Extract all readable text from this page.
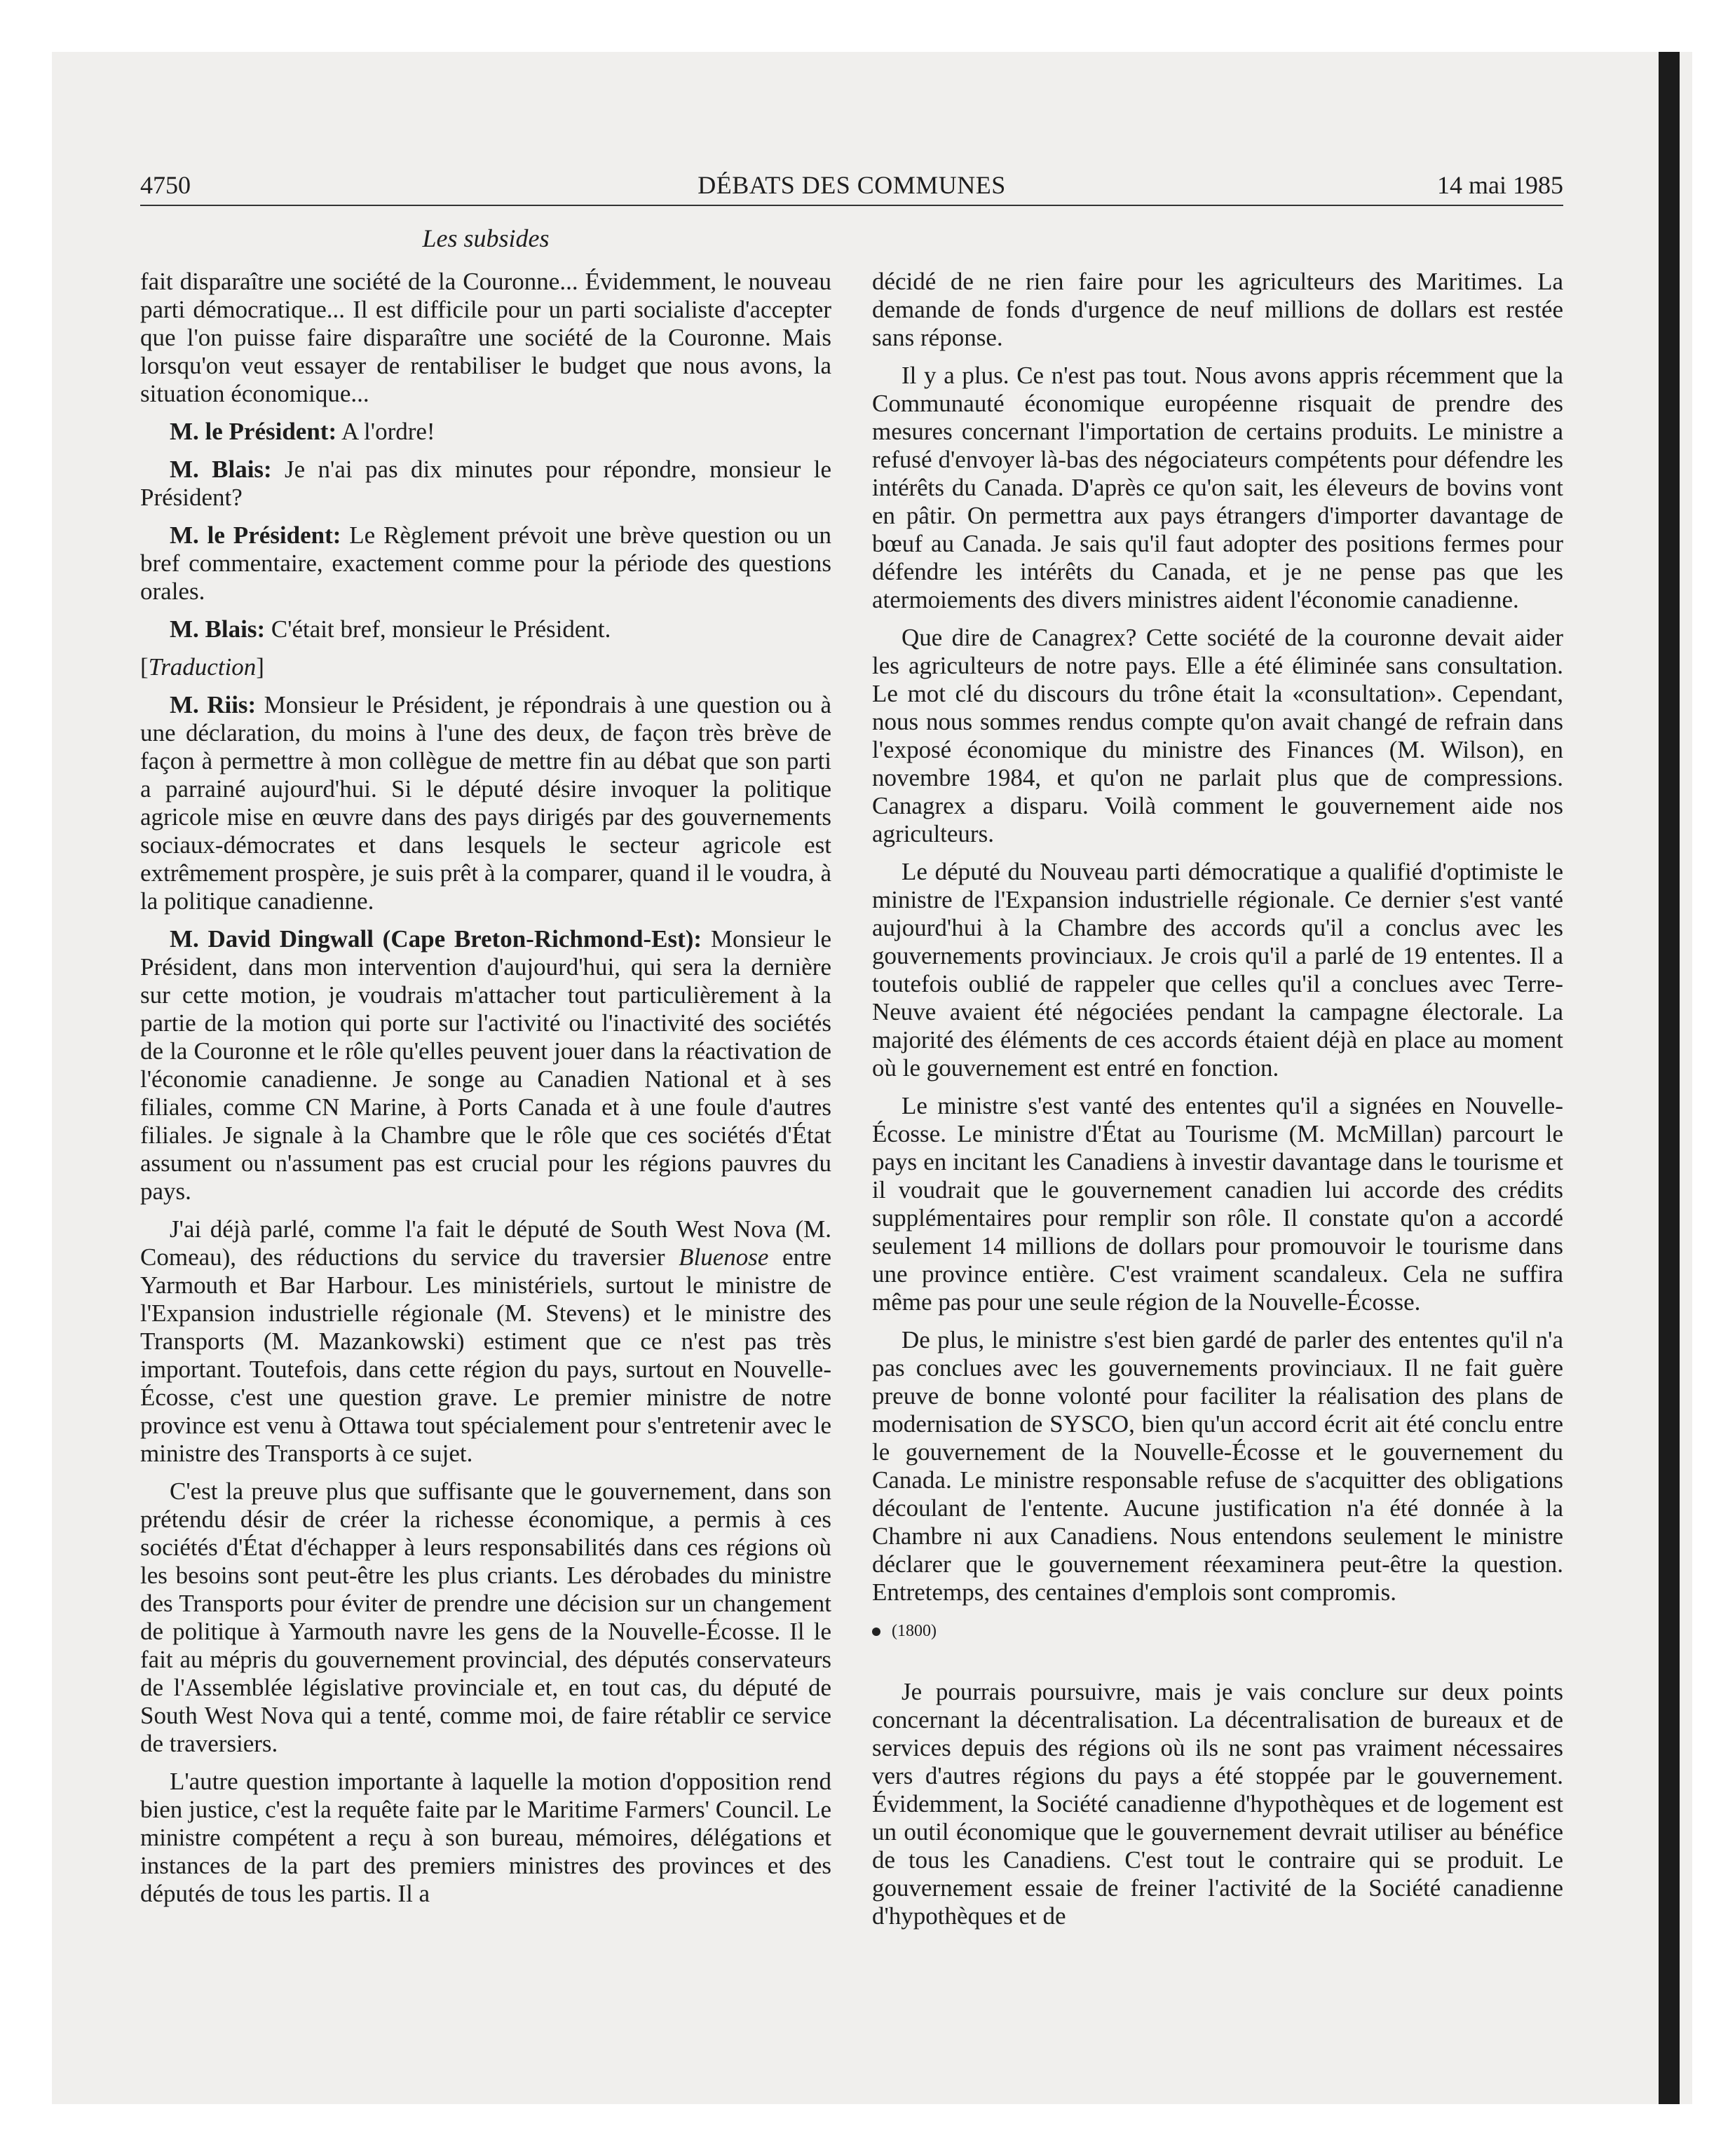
4750	DÉBATS DES COMMUNES	14 mai 1985
Les subsides

fait disparaître une société de la Couronne... Évidemment, le nouveau parti démocratique... Il est difficile pour un parti socialiste d'accepter que l'on puisse faire disparaître une société de la Couronne. Mais lorsqu'on veut essayer de rentabiliser le budget que nous avons, la situation économique...

M. le Président: A l'ordre!

M. Blais: Je n'ai pas dix minutes pour répondre, monsieur le Président?

M. le Président: Le Règlement prévoit une brève question ou un bref commentaire, exactement comme pour la période des questions orales.

M. Blais: C'était bref, monsieur le Président.

[Traduction]

M. Riis: Monsieur le Président, je répondrais à une question ou à une déclaration, du moins à l'une des deux, de façon très brève de façon à permettre à mon collègue de mettre fin au débat que son parti a parrainé aujourd'hui. Si le député désire invoquer la politique agricole mise en œuvre dans des pays dirigés par des gouvernements sociaux-démocrates et dans lesquels le secteur agricole est extrêmement prospère, je suis prêt à la comparer, quand il le voudra, à la politique canadienne.

M. David Dingwall (Cape Breton-Richmond-Est): Monsieur le Président, dans mon intervention d'aujourd'hui, qui sera la dernière sur cette motion, je voudrais m'attacher tout particulièrement à la partie de la motion qui porte sur l'activité ou l'inactivité des sociétés de la Couronne et le rôle qu'elles peuvent jouer dans la réactivation de l'économie canadienne. Je songe au Canadien National et à ses filiales, comme CN Marine, à Ports Canada et à une foule d'autres filiales. Je signale à la Chambre que le rôle que ces sociétés d'État assument ou n'assument pas est crucial pour les régions pauvres du pays.

J'ai déjà parlé, comme l'a fait le député de South West Nova (M. Comeau), des réductions du service du traversier Bluenose entre Yarmouth et Bar Harbour. Les ministériels, surtout le ministre de l'Expansion industrielle régionale (M. Stevens) et le ministre des Transports (M. Mazankowski) estiment que ce n'est pas très important. Toutefois, dans cette région du pays, surtout en Nouvelle-Écosse, c'est une question grave. Le premier ministre de notre province est venu à Ottawa tout spécialement pour s'entretenir avec le ministre des Transports à ce sujet.

C'est la preuve plus que suffisante que le gouvernement, dans son prétendu désir de créer la richesse économique, a permis à ces sociétés d'État d'échapper à leurs responsabilités dans ces régions où les besoins sont peut-être les plus criants. Les dérobades du ministre des Transports pour éviter de prendre une décision sur un changement de politique à Yarmouth navre les gens de la Nouvelle-Écosse. Il le fait au mépris du gouvernement provincial, des députés conservateurs de l'Assemblée législative provinciale et, en tout cas, du député de South West Nova qui a tenté, comme moi, de faire rétablir ce service de traversiers.

L'autre question importante à laquelle la motion d'opposition rend bien justice, c'est la requête faite par le Maritime Farmers' Council. Le ministre compétent a reçu à son bureau, mémoires, délégations et instances de la part des premiers ministres des provinces et des députés de tous les partis. Il a

décidé de ne rien faire pour les agriculteurs des Maritimes. La demande de fonds d'urgence de neuf millions de dollars est restée sans réponse.

Il y a plus. Ce n'est pas tout. Nous avons appris récemment que la Communauté économique européenne risquait de prendre des mesures concernant l'importation de certains produits. Le ministre a refusé d'envoyer là-bas des négociateurs compétents pour défendre les intérêts du Canada. D'après ce qu'on sait, les éleveurs de bovins vont en pâtir. On permettra aux pays étrangers d'importer davantage de bœuf au Canada. Je sais qu'il faut adopter des positions fermes pour défendre les intérêts du Canada, et je ne pense pas que les atermoiements des divers ministres aident l'économie canadienne.

Que dire de Canagrex? Cette société de la couronne devait aider les agriculteurs de notre pays. Elle a été éliminée sans consultation. Le mot clé du discours du trône était la «consultation». Cependant, nous nous sommes rendus compte qu'on avait changé de refrain dans l'exposé économique du ministre des Finances (M. Wilson), en novembre 1984, et qu'on ne parlait plus que de compressions. Canagrex a disparu. Voilà comment le gouvernement aide nos agriculteurs.

Le député du Nouveau parti démocratique a qualifié d'optimiste le ministre de l'Expansion industrielle régionale. Ce dernier s'est vanté aujourd'hui à la Chambre des accords qu'il a conclus avec les gouvernements provinciaux. Je crois qu'il a parlé de 19 ententes. Il a toutefois oublié de rappeler que celles qu'il a conclues avec Terre-Neuve avaient été négociées pendant la campagne électorale. La majorité des éléments de ces accords étaient déjà en place au moment où le gouvernement est entré en fonction.

Le ministre s'est vanté des ententes qu'il a signées en Nouvelle-Écosse. Le ministre d'État au Tourisme (M. McMillan) parcourt le pays en incitant les Canadiens à investir davantage dans le tourisme et il voudrait que le gouvernement canadien lui accorde des crédits supplémentaires pour remplir son rôle. Il constate qu'on a accordé seulement 14 millions de dollars pour promouvoir le tourisme dans une province entière. C'est vraiment scandaleux. Cela ne suffira même pas pour une seule région de la Nouvelle-Écosse.

De plus, le ministre s'est bien gardé de parler des ententes qu'il n'a pas conclues avec les gouvernements provinciaux. Il ne fait guère preuve de bonne volonté pour faciliter la réalisation des plans de modernisation de SYSCO, bien qu'un accord écrit ait été conclu entre le gouvernement de la Nouvelle-Écosse et le gouvernement du Canada. Le ministre responsable refuse de s'acquitter des obligations découlant de l'entente. Aucune justification n'a été donnée à la Chambre ni aux Canadiens. Nous entendons seulement le ministre déclarer que le gouvernement réexaminera peut-être la question. Entretemps, des centaines d'emplois sont compromis.

(1800)

Je pourrais poursuivre, mais je vais conclure sur deux points concernant la décentralisation. La décentralisation de bureaux et de services depuis des régions où ils ne sont pas vraiment nécessaires vers d'autres régions du pays a été stoppée par le gouvernement. Évidemment, la Société canadienne d'hypothèques et de logement est un outil économique que le gouvernement devrait utiliser au bénéfice de tous les Canadiens. C'est tout le contraire qui se produit. Le gouvernement essaie de freiner l'activité de la Société canadienne d'hypothèques et de
